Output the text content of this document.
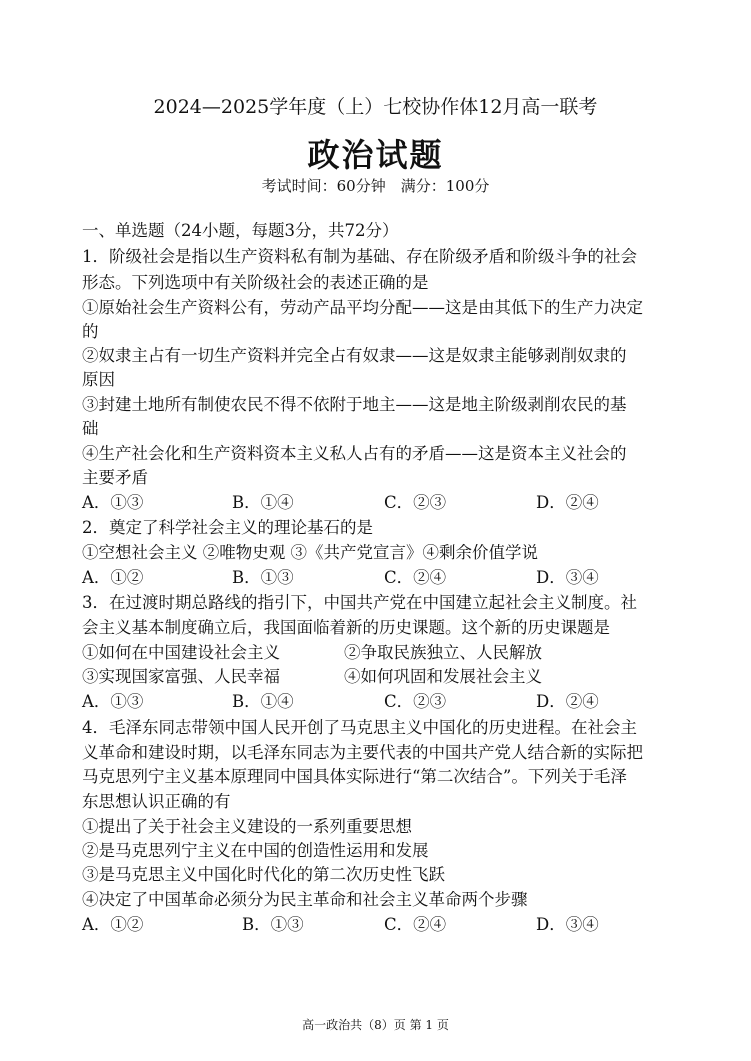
2024—2025学年度（上）七校协作体12月高一联考
政治试题
考试时间：60分钟　满分：100分
一、单选题（24小题，每题3分，共72分）
1．阶级社会是指以生产资料私有制为基础、存在阶级矛盾和阶级斗争的社会
形态。下列选项中有关阶级社会的表述正确的是
①原始社会生产资料公有，劳动产品平均分配——这是由其低下的生产力决定
的
②奴隶主占有一切生产资料并完全占有奴隶——这是奴隶主能够剥削奴隶的
原因
③封建土地所有制使农民不得不依附于地主——这是地主阶级剥削农民的基
础
④生产社会化和生产资料资本主义私人占有的矛盾——这是资本主义社会的
主要矛盾
A．①③	B．①④	C．②③	D．②④
2．奠定了科学社会主义的理论基石的是
①空想社会主义 ②唯物史观 ③《共产党宣言》④剩余价值学说
A．①②	B．①③	C．②④	D．③④
3．在过渡时期总路线的指引下，中国共产党在中国建立起社会主义制度。社
会主义基本制度确立后，我国面临着新的历史课题。这个新的历史课题是
①如何在中国建设社会主义	②争取民族独立、人民解放
③实现国家富强、人民幸福	④如何巩固和发展社会主义
A．①③	B．①④	C．②③	D．②④
4．毛泽东同志带领中国人民开创了马克思主义中国化的历史进程。在社会主
义革命和建设时期，以毛泽东同志为主要代表的中国共产党人结合新的实际把
马克思列宁主义基本原理同中国具体实际进行“第二次结合”。下列关于毛泽
东思想认识正确的有
①提出了关于社会主义建设的一系列重要思想
②是马克思列宁主义在中国的创造性运用和发展
③是马克思主义中国化时代化的第二次历史性飞跃
④决定了中国革命必须分为民主革命和社会主义革命两个步骤
A．①②	B．①③	C．②④	D．③④
高一政治共（8）页 第 1 页
